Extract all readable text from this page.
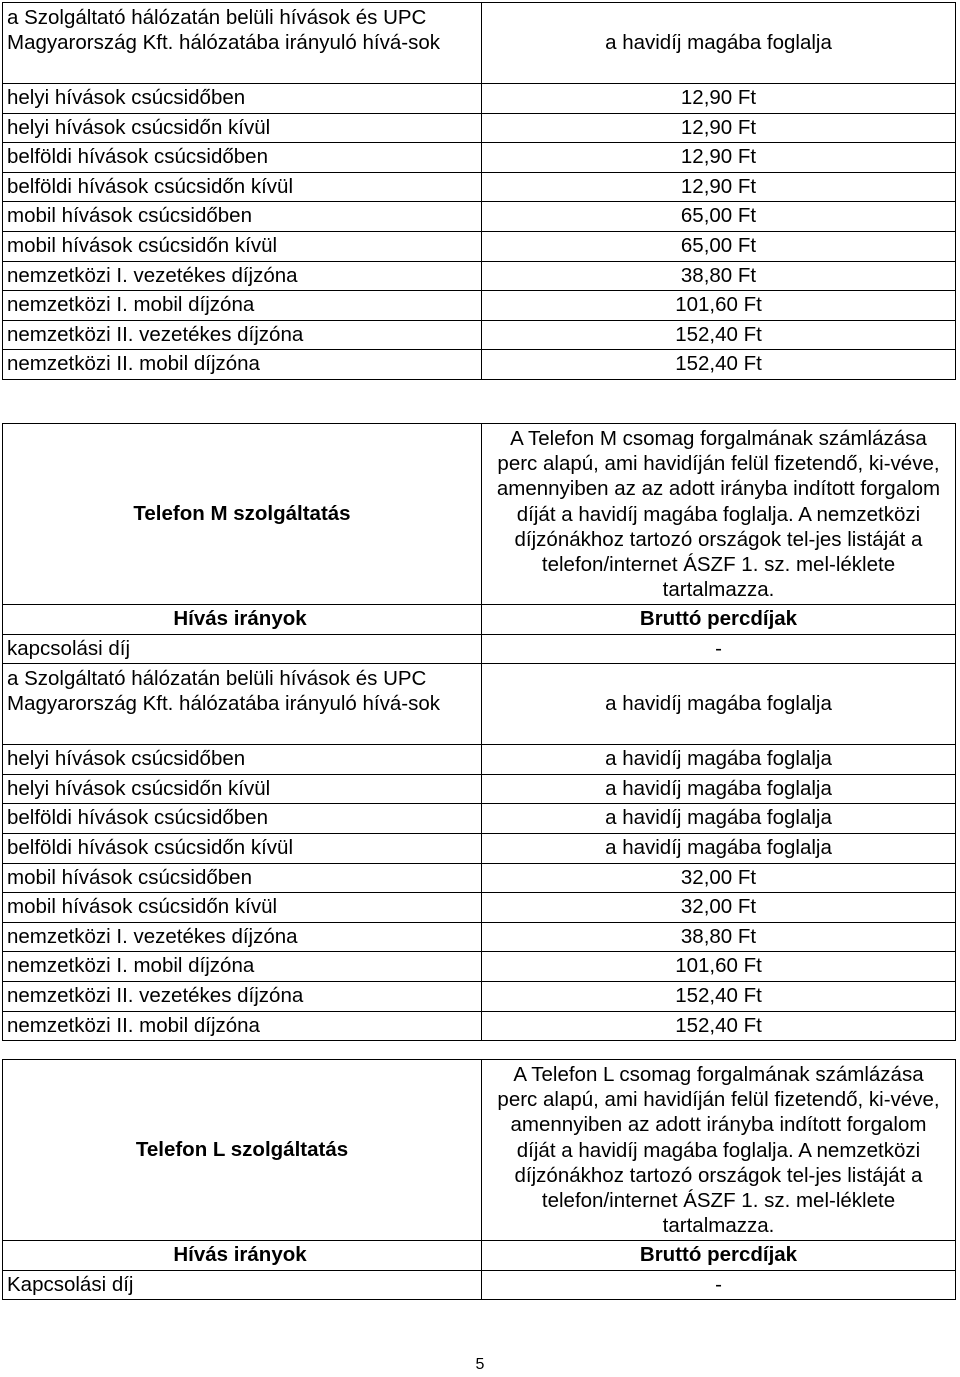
a Szolgáltató hálózatán belüli hívások és UPC Magyarország Kft. hálózatába irányuló hívá-sok	a havidíj magába foglalja
helyi hívások csúcsidőben	12,90 Ft
helyi hívások csúcsidőn kívül	12,90 Ft
belföldi hívások csúcsidőben	12,90 Ft
belföldi hívások csúcsidőn kívül	12,90 Ft
mobil hívások csúcsidőben	65,00 Ft
mobil hívások csúcsidőn kívül	65,00 Ft
nemzetközi I. vezetékes díjzóna	38,80 Ft
nemzetközi I. mobil díjzóna	101,60 Ft
nemzetközi II. vezetékes díjzóna	152,40 Ft
nemzetközi II. mobil díjzóna	152,40 Ft
Telefon M szolgáltatás	A Telefon M csomag forgalmának számlázása perc alapú, ami havidíján felül fizetendő, ki-véve, amennyiben az az adott irányba indított forgalom díját a havidíj magába foglalja. A nemzetközi díjzónákhoz tartozó országok tel-jes listáját a telefon/internet ÁSZF 1. sz. mel-léklete tartalmazza.
Hívás irányok	Bruttó percdíjak
kapcsolási díj	-
a Szolgáltató hálózatán belüli hívások és UPC Magyarország Kft. hálózatába irányuló hívá-sok	a havidíj magába foglalja
helyi hívások csúcsidőben	a havidíj magába foglalja
helyi hívások csúcsidőn kívül	a havidíj magába foglalja
belföldi hívások csúcsidőben	a havidíj magába foglalja
belföldi hívások csúcsidőn kívül	a havidíj magába foglalja
mobil hívások csúcsidőben	32,00 Ft
mobil hívások csúcsidőn kívül	32,00 Ft
nemzetközi I. vezetékes díjzóna	38,80 Ft
nemzetközi I. mobil díjzóna	101,60 Ft
nemzetközi II. vezetékes díjzóna	152,40 Ft
nemzetközi II. mobil díjzóna	152,40 Ft
Telefon L szolgáltatás	A Telefon L csomag forgalmának számlázása perc alapú, ami havidíján felül fizetendő, ki-véve, amennyiben az adott irányba indított forgalom díját a havidíj magába foglalja. A nemzetközi díjzónákhoz tartozó országok tel-jes listáját a telefon/internet ÁSZF 1. sz. mel-léklete tartalmazza.
Hívás irányok	Bruttó percdíjak
Kapcsolási díj	-
5
